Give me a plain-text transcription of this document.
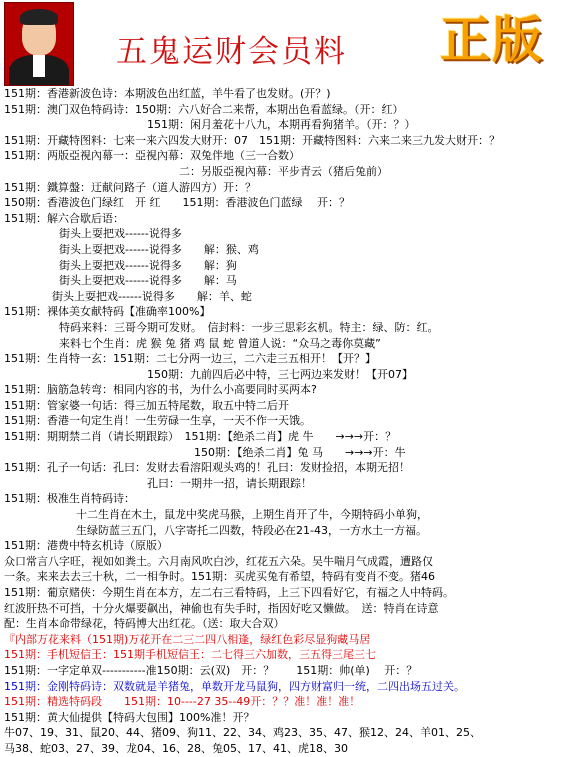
五鬼运财会员料 正版
151期：香港新波色诗：本期波色出红蓝，羊牛看了也发财。(开？)
151期：澳门双色特码诗：150期：六八好合二来帮，本期出色看蓝绿。（开：红）
151期：闲月羞花十八九，本期再看狗猪羊。（开：？）
151期：开藏特图料：七来一来六四发大财开：07　151期：开藏特图料：六来二来三九发大财开：？
151期：两版亞視內幕一：亞視內幕：双兔伴地（三一合数）
二：另版亞視內幕：平步青云（猪后兔前）
151期：鐵算盤：迂献问路子（道人游四方）开：？
150期：香港波色门绿红　开 红　　151期：香港波色门蓝绿　 开：？
151期：解六合歇后语：
街头上耍把戏------说得多
街头上耍把戏------说得多　　解：猴、鸡
街头上耍把戏------说得多　　解：狗
街头上耍把戏------说得多　　解：马
街头上耍把戏------说得多　　解：羊、蛇
151期：裸体美女献特码【准确率100%】
特码来料：三哥今期可发财。　信封料：一步三思彩玄机。特主：绿、防：红。
来料七个生肖：虎 猴 兔 猪 鸡 鼠 蛇 曾道人说：“众马之毒你莫藏”
151期：生肖特一玄：151期：二七分两一边三，二六走三五相开！【开？】
150期：九前四后必中特，三七两边来发财！【开07】
151期：脑筋急转弯：相同内容的书，为什么小高要同时买两本?
151期：管家婆一句话：得三加五特尾数，取五中特二后开
151期：香港一句定生肖！一生劳碌一生享，一天不作一天饿。
151期：期期禁二肖（请长期跟踪）　151期：【绝杀二肖】虎 牛　　→→→开：？
150期：【绝杀二肖】兔 马　　→→→开：牛
151期：孔子一句话：孔曰：发财去看溶阳观头鸡的！孔曰：发财捡招，本期无招！
孔曰：一期井一招，请长期跟踪！
151期：极准生肖特码诗：
十二生肖在木土，鼠龙中奖虎马猴，上期生肖开了牛，今期特码小单狗，
生绿防蓝三五门，八字寄托二四数，特段必在21-43，一方水土一方福。
151期：港费中特玄机诗（原版）
众口常言八字旺，视如如粪土。六月南风吹白沙，红花五六朵。吴牛喘月气成霞，遭路仅
一条。来来去去三十秋，二一相争时。151期：买虎买兔有希望，特码有变肖不变。猪46
151期：葡京赌侠：今期生肖在本方，左二右三看特码，上三下四看好它，有福之人中特码。
红波肝热不可挡，十分火爆要飙出，神偷也有失手时，指因好吃又懒做。　送：特肖在诗意
配：生肖本命带绿花，特码博大出红花。（送：取大合双）
『内部万花来料（151期)万花开在二三二四八相逢，绿红色彩尽显狗藏马居
151期：手机短信王：151期手机短信王：二七得三六加数，三五得三尾三七
151期：一字定单双-----------准150期：云(双)　开：？　　151期：帅(单)　 开：？
151期：金刚特码诗：双数就是羊猪兔，单数开龙马鼠狗，四方财富归一统，二四出场五过关。
151期：精选特码段　　151期：10----27 35--49开：？？准！准！准！
151期：黄大仙提供【特码大包围】100%准！开？
牛07、19、31、鼠20、44、猪09、狗11、22、34、鸡23、35、47、猴12、24、羊01、25、
马38、蛇03、27、39、龙04、16、28、兔05、17、41、虎18、30
